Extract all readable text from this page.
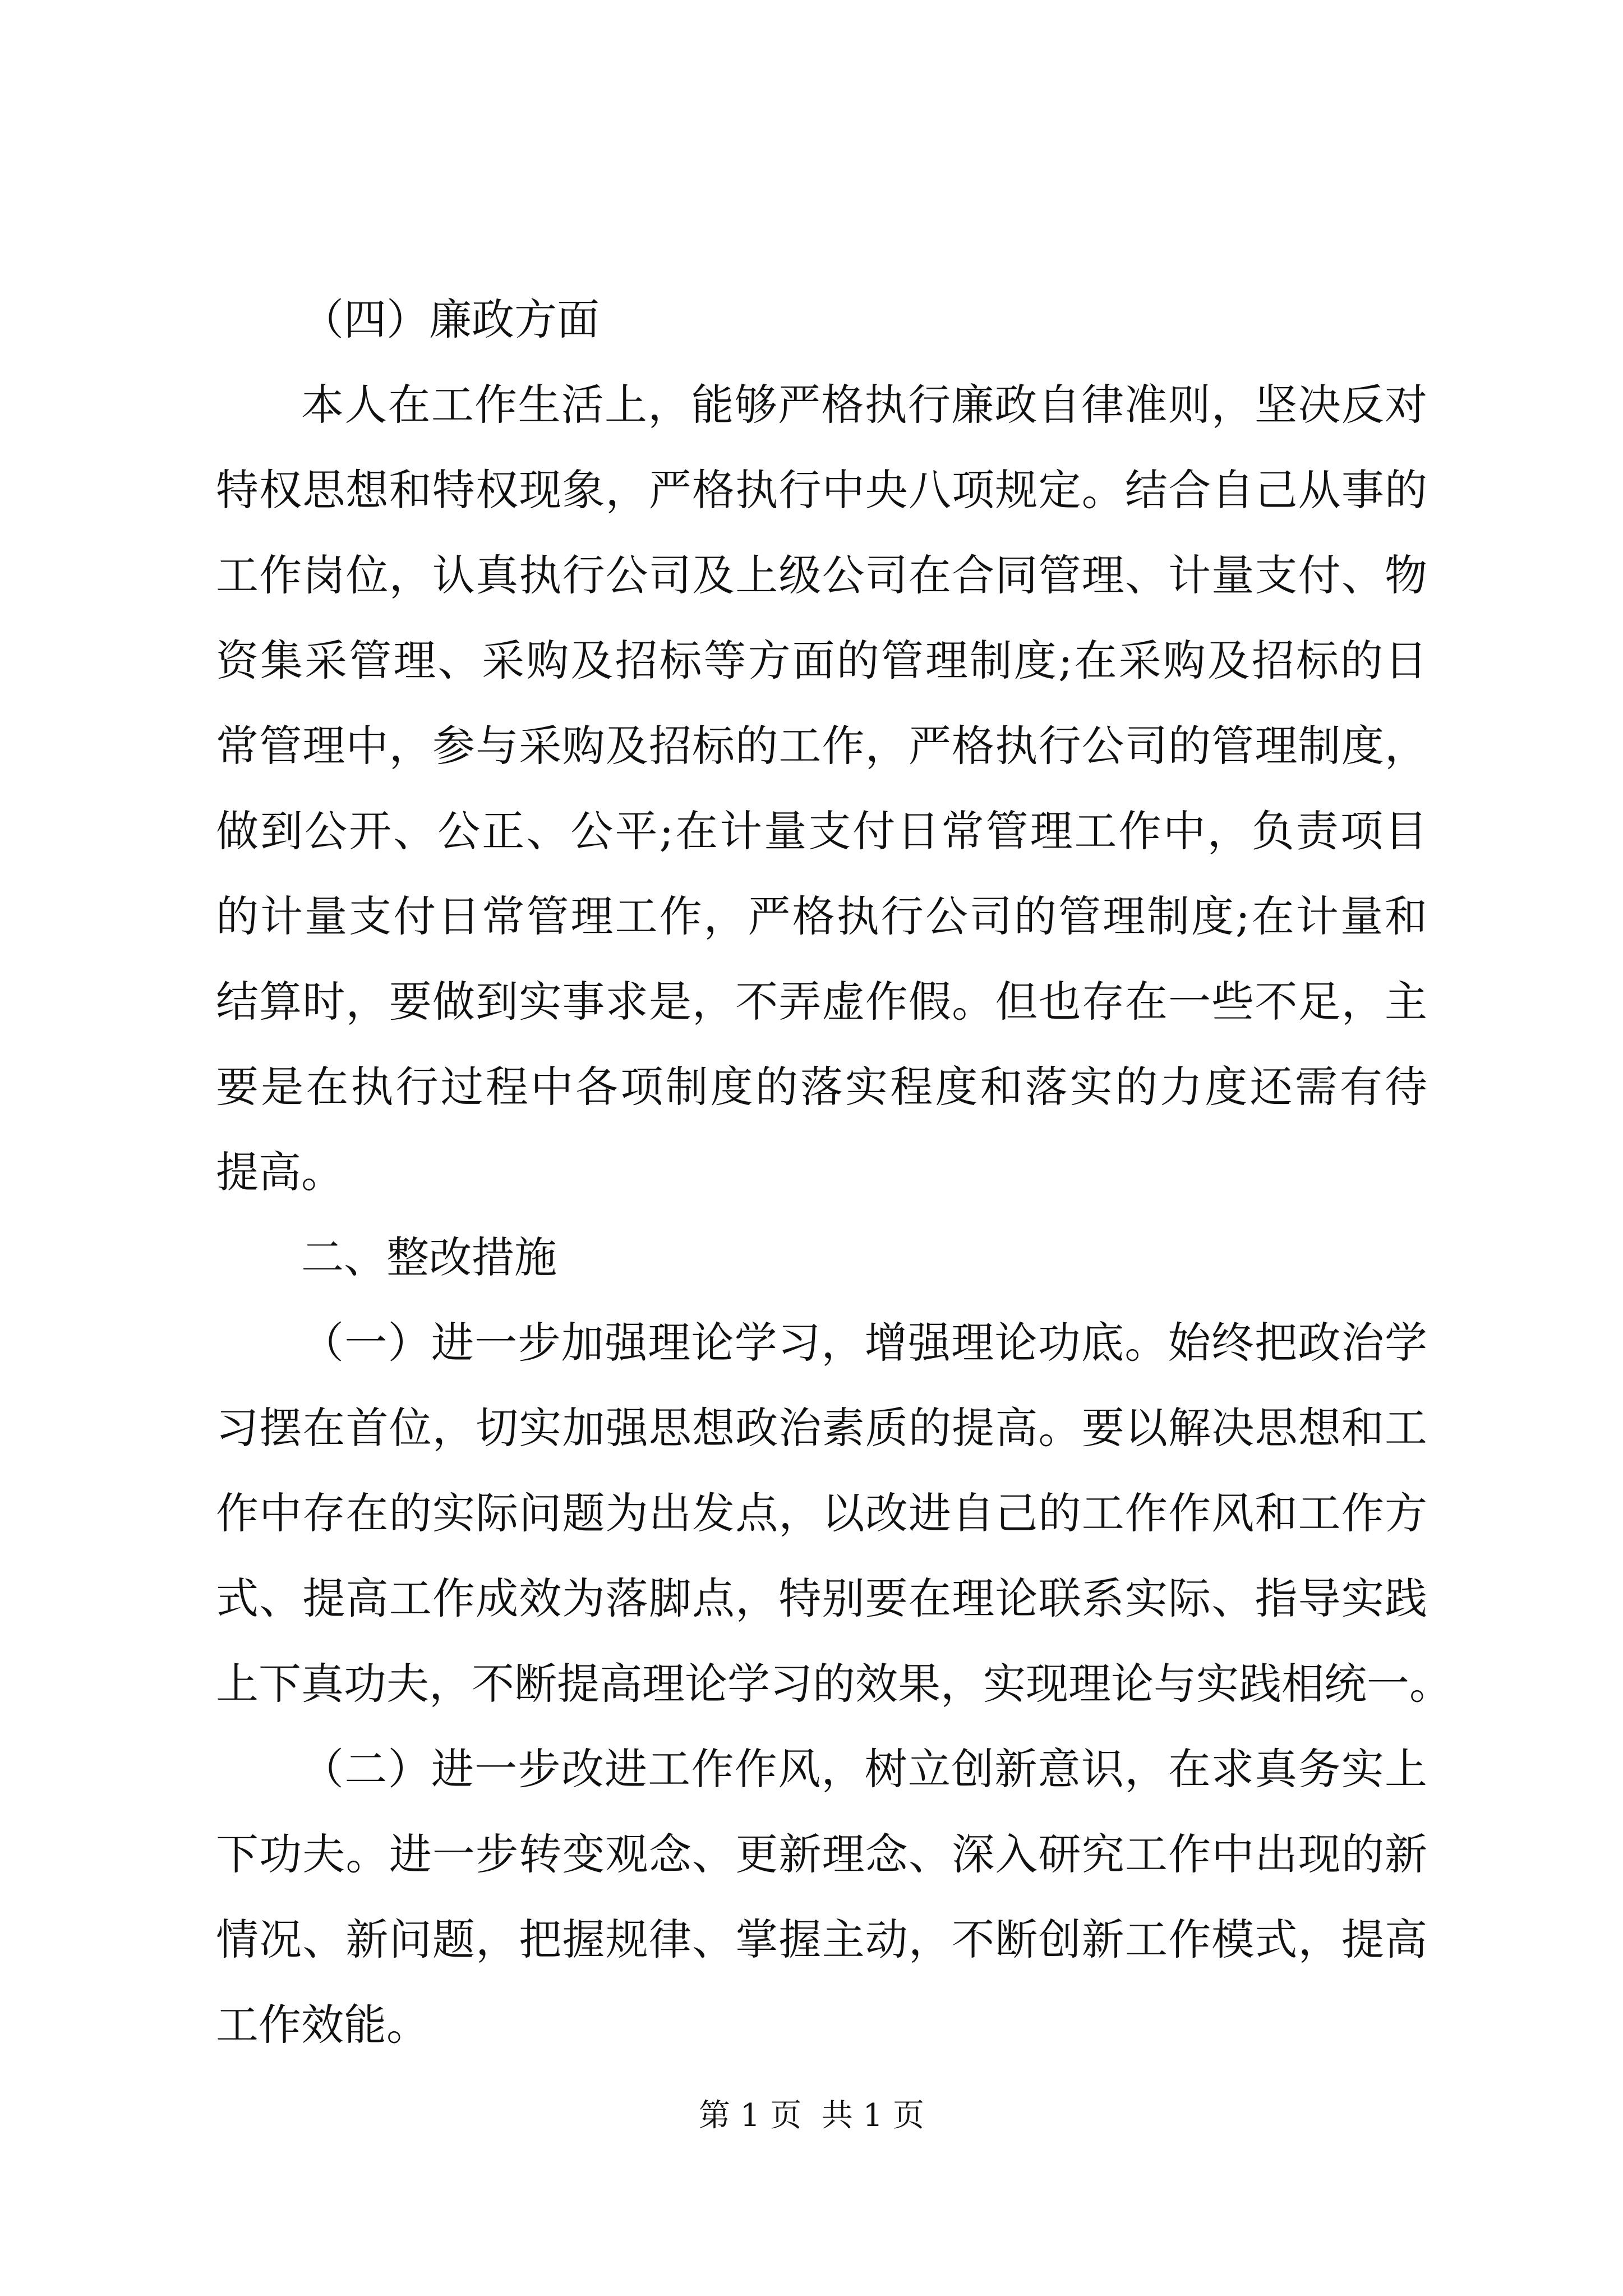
（四）廉政方面
本人在工作生活上，能够严格执行廉政自律准则，坚决反对
特权思想和特权现象，严格执行中央八项规定。结合自己从事的
工作岗位，认真执行公司及上级公司在合同管理、计量支付、物
资集采管理、采购及招标等方面的管理制度;在采购及招标的日
常管理中，参与采购及招标的工作，严格执行公司的管理制度，
做到公开、公正、公平;在计量支付日常管理工作中，负责项目
的计量支付日常管理工作，严格执行公司的管理制度;在计量和
结算时，要做到实事求是，不弄虚作假。但也存在一些不足，主
要是在执行过程中各项制度的落实程度和落实的力度还需有待
提高。
二、整改措施
（一）进一步加强理论学习，增强理论功底。始终把政治学
习摆在首位，切实加强思想政治素质的提高。要以解决思想和工
作中存在的实际问题为出发点，以改进自己的工作作风和工作方
式、提高工作成效为落脚点，特别要在理论联系实际、指导实践
上下真功夫，不断提高理论学习的效果，实现理论与实践相统一。
（二）进一步改进工作作风，树立创新意识，在求真务实上
下功夫。进一步转变观念、更新理念、深入研究工作中出现的新
情况、新问题，把握规律、掌握主动，不断创新工作模式，提高
工作效能。
第 1 页  共 1 页
